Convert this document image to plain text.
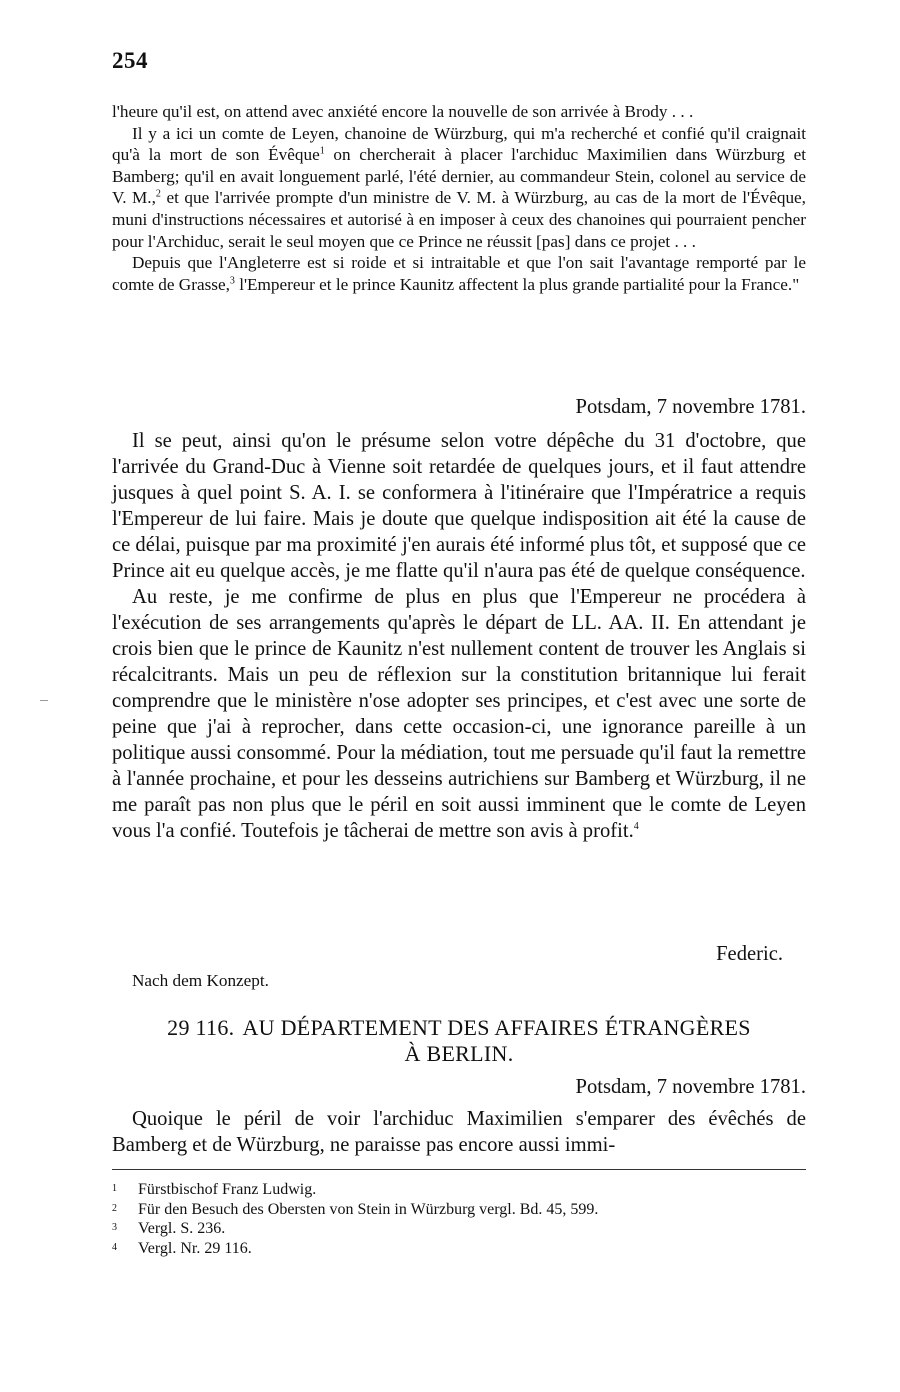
254

l'heure qu'il est, on attend avec anxiété encore la nouvelle de son arrivée à Brody . . .

Il y a ici un comte de Leyen, chanoine de Würzburg, qui m'a recherché et confié qu'il craignait qu'à la mort de son Évêque$^1$ on chercherait à placer l'archiduc Maximilien dans Würzburg et Bamberg; qu'il en avait longuement parlé, l'été dernier, au commandeur Stein, colonel au service de V. M.,$^2$ et que l'arrivée prompte d'un ministre de V. M. à Würzburg, au cas de la mort de l'Évêque, muni d'instructions nécessaires et autorisé à en imposer à ceux des chanoines qui pourraient pencher pour l'Archiduc, serait le seul moyen que ce Prince ne réussit [pas] dans ce projet . . .

Depuis que l'Angleterre est si roide et si intraitable et que l'on sait l'avantage remporté par le comte de Grasse,$^3$ l'Empereur et le prince Kaunitz affectent la plus grande partialité pour la France."

Potsdam, 7 novembre 1781.

Il se peut, ainsi qu'on le présume selon votre dépêche du 31 d'octobre, que l'arrivée du Grand-Duc à Vienne soit retardée de quelques jours, et il faut attendre jusques à quel point S. A. I. se conformera à l'itinéraire que l'Impératrice a requis l'Empereur de lui faire. Mais je doute que quelque indisposition ait été la cause de ce délai, puisque par ma proximité j'en aurais été informé plus tôt, et supposé que ce Prince ait eu quelque accès, je me flatte qu'il n'aura pas été de quelque conséquence.

Au reste, je me confirme de plus en plus que l'Empereur ne procédera à l'exécution de ses arrangements qu'après le départ de LL. AA. II. En attendant je crois bien que le prince de Kaunitz n'est nullement content de trouver les Anglais si récalcitrants. Mais un peu de réflexion sur la constitution britannique lui ferait comprendre que le ministère n'ose adopter ses principes, et c'est avec une sorte de peine que j'ai à reprocher, dans cette occasion-ci, une ignorance pareille à un politique aussi consommé. Pour la médiation, tout me persuade qu'il faut la remettre à l'année prochaine, et pour les desseins autrichiens sur Bamberg et Würzburg, il ne me paraît pas non plus que le péril en soit aussi imminent que le comte de Leyen vous l'a confié. Toutefois je tâcherai de mettre son avis à profit.$^4$

Federic.
Nach dem Konzept.
29 116. AU DÉPARTEMENT DES AFFAIRES ÉTRANGÈRES
À BERLIN.
Potsdam, 7 novembre 1781.

Quoique le péril de voir l'archiduc Maximilien s'emparer des évêchés de Bamberg et de Würzburg, ne paraisse pas encore aussi immi-

1 Fürstbischof Franz Ludwig.
2 Für den Besuch des Obersten von Stein in Würzburg vergl. Bd. 45, 599.
3 Vergl. S. 236.
4 Vergl. Nr. 29 116.
